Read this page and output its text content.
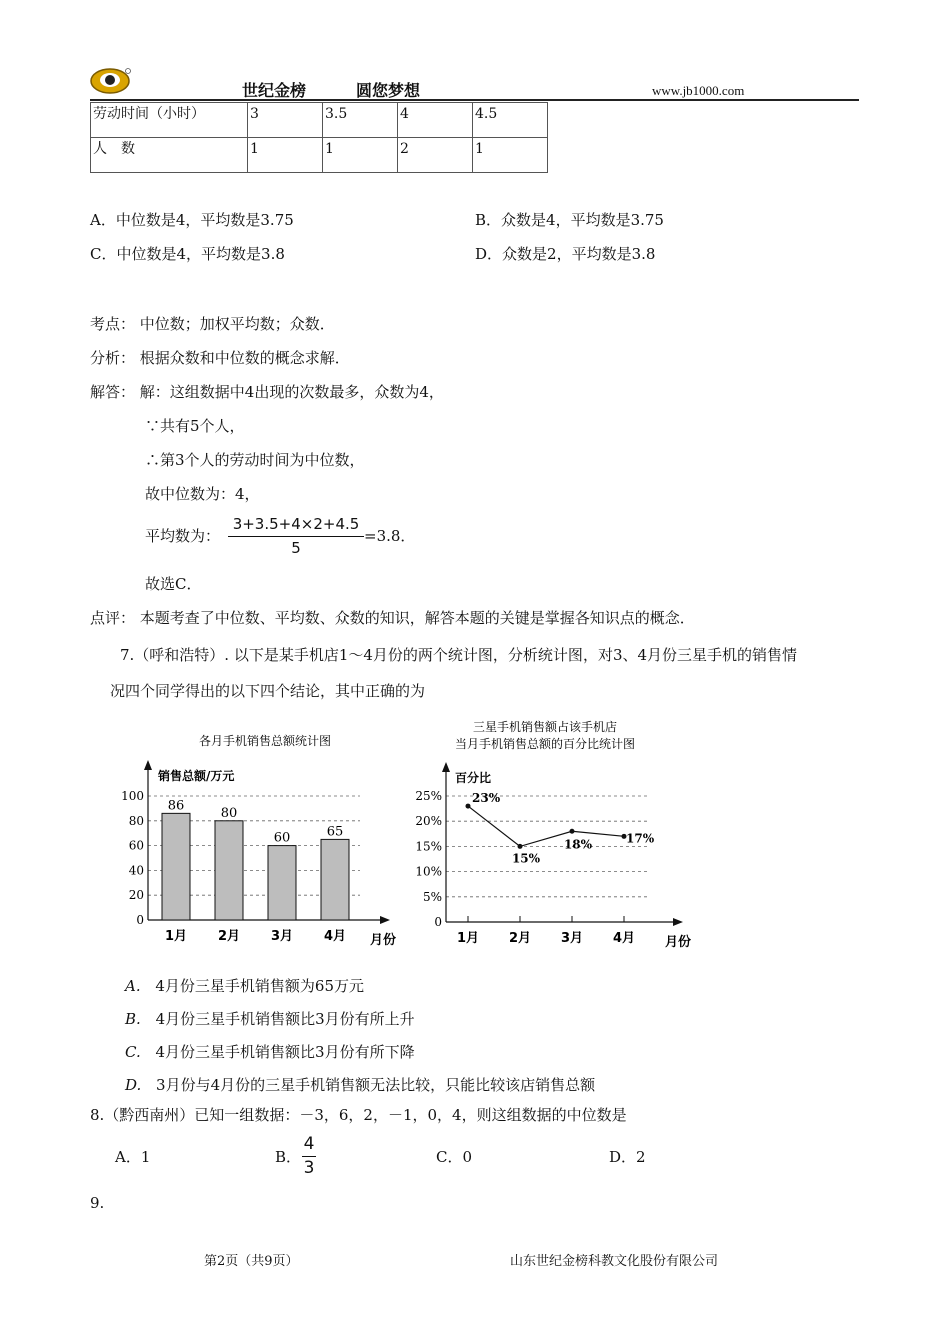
世纪金榜	圆您梦想	www.jb1000.com
劳动时间（小时）	3	3.5	4	4.5
人　数	1	1	2	1
A．中位数是4，平均数是3.75	B．众数是4，平均数是3.75
C．中位数是4，平均数是3.8	D．众数是2，平均数是3.8
考点： 中位数；加权平均数；众数．
分析： 根据众数和中位数的概念求解．
解答： 解：这组数据中4出现的次数最多，众数为4，
∵共有5个人，
∴第3个人的劳动时间为中位数，
故中位数为：4，
平均数为：
3+3.5+4×2+4.5
5
=3.8．
故选C．
点评： 本题考查了中位数、平均数、众数的知识，解答本题的关键是掌握各知识点的概念．
7.（呼和浩特）. 以下是某手机店1～4月份的两个统计图，分析统计图，对3、4月份三星手机的销售情
况四个同学得出的以下四个结论，其中正确的为
各月手机销售总额统计图
销售总额/万元
0
20
40
60
80
100
月份
86
1月
80
2月
60
3月
65
4月
三星手机销售额占该手机店
当月手机销售总额的百分比统计图
百分比
0
5%
10%
15%
20%
25%
月份
1月 2月 3月 4月
23%
15%
18%	17%
A. 4月份三星手机销售额为65万元
B. 4月份三星手机销售额比3月份有所上升
C. 4月份三星手机销售额比3月份有所下降
D. 3月份与4月份的三星手机销售额无法比较，只能比较该店销售总额
8.（黔西南州）已知一组数据：－3，6，2，－1，0，4，则这组数据的中位数是
A．1	B．
4
3
C．0	D．2
9.
第2页（共9页）	山东世纪金榜科教文化股份有限公司
